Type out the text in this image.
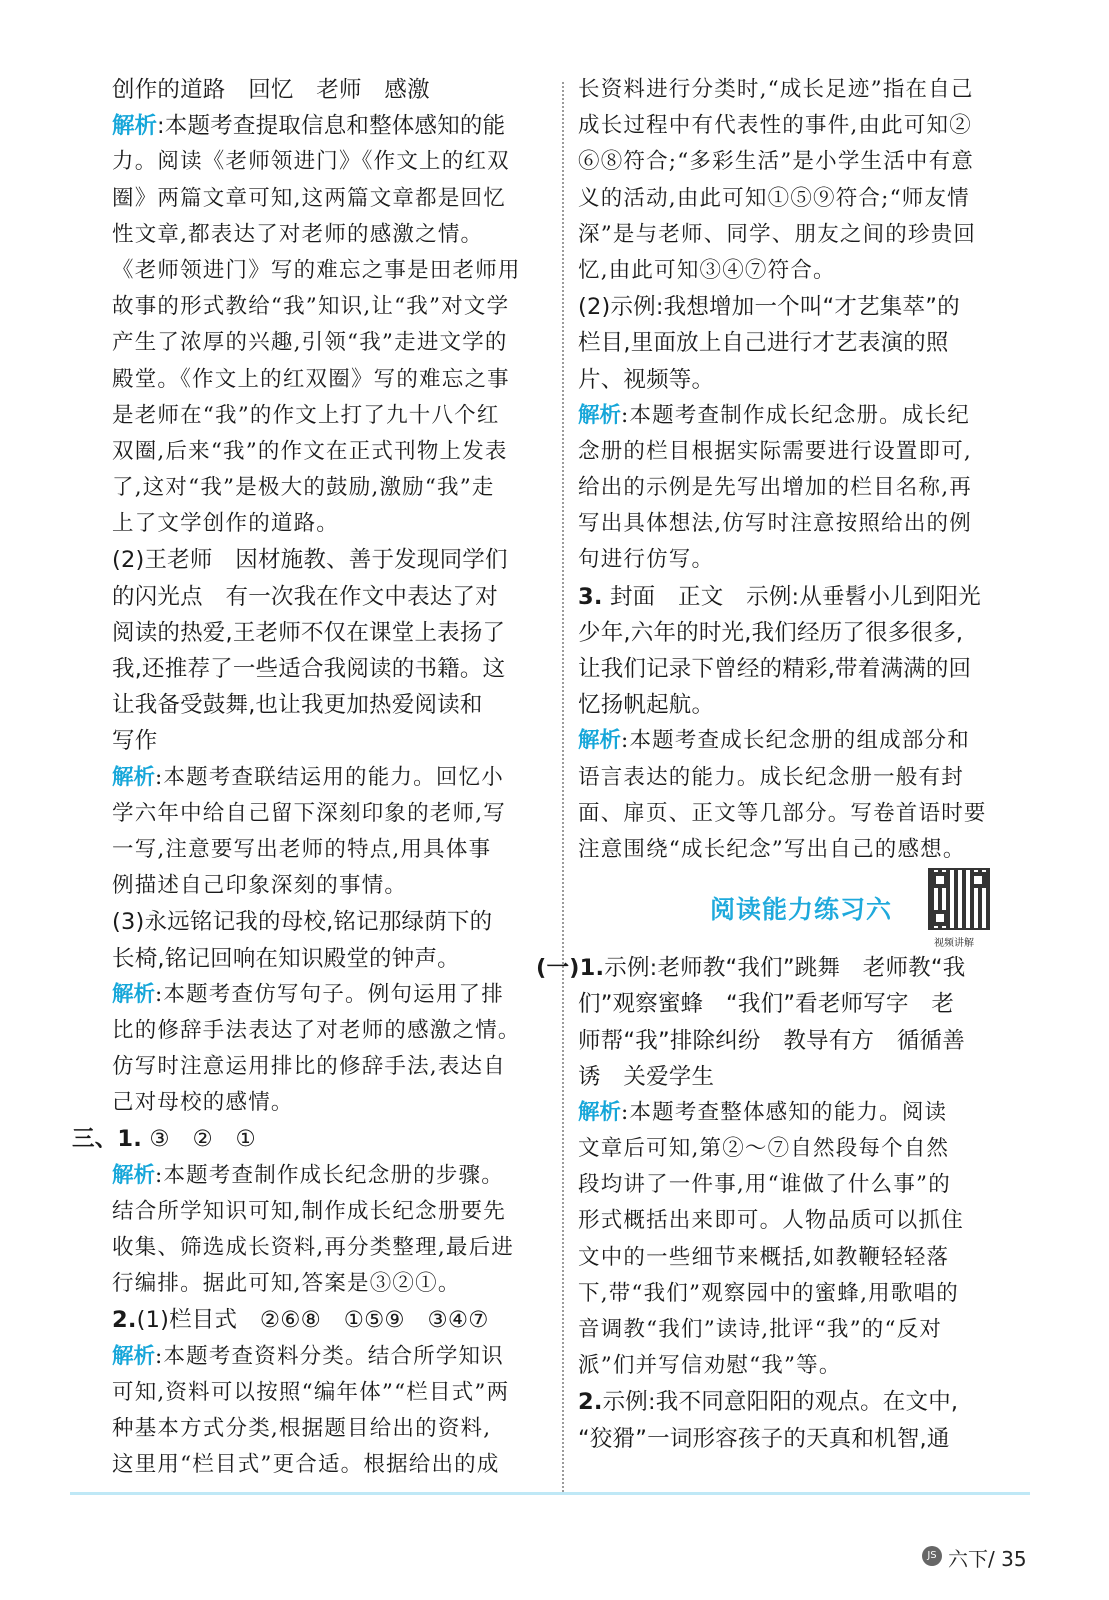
创作的道路　回忆　老师　感激
解析:本题考查提取信息和整体感知的能
力。阅读《老师领进门》《作文上的红双
圈》两篇文章可知,这两篇文章都是回忆
性文章,都表达了对老师的感激之情。
《老师领进门》写的难忘之事是田老师用
故事的形式教给“我”知识,让“我”对文学
产生了浓厚的兴趣,引领“我”走进文学的
殿堂。《作文上的红双圈》写的难忘之事
是老师在“我”的作文上打了九十八个红
双圈,后来“我”的作文在正式刊物上发表
了,这对“我”是极大的鼓励,激励“我”走
上了文学创作的道路。
(2)王老师　因材施教、善于发现同学们
的闪光点　有一次我在作文中表达了对
阅读的热爱,王老师不仅在课堂上表扬了
我,还推荐了一些适合我阅读的书籍。这
让我备受鼓舞,也让我更加热爱阅读和
写作
解析:本题考查联结运用的能力。回忆小
学六年中给自己留下深刻印象的老师,写
一写,注意要写出老师的特点,用具体事
例描述自己印象深刻的事情。
(3)永远铭记我的母校,铭记那绿荫下的
长椅,铭记回响在知识殿堂的钟声。
解析:本题考查仿写句子。例句运用了排
比的修辞手法表达了对老师的感激之情。
仿写时注意运用排比的修辞手法,表达自
己对母校的感情。
三、1. ③　②　①
解析:本题考查制作成长纪念册的步骤。
结合所学知识可知,制作成长纪念册要先
收集、筛选成长资料,再分类整理,最后进
行编排。据此可知,答案是③②①。
2.(1)栏目式　②⑥⑧　①⑤⑨　③④⑦
解析:本题考查资料分类。结合所学知识
可知,资料可以按照“编年体”“栏目式”两
种基本方式分类,根据题目给出的资料,
这里用“栏目式”更合适。根据给出的成
长资料进行分类时,“成长足迹”指在自己
成长过程中有代表性的事件,由此可知②
⑥⑧符合;“多彩生活”是小学生活中有意
义的活动,由此可知①⑤⑨符合;“师友情
深”是与老师、同学、朋友之间的珍贵回
忆,由此可知③④⑦符合。
(2)示例:我想增加一个叫“才艺集萃”的
栏目,里面放上自己进行才艺表演的照
片、视频等。
解析:本题考查制作成长纪念册。成长纪
念册的栏目根据实际需要进行设置即可,
给出的示例是先写出增加的栏目名称,再
写出具体想法,仿写时注意按照给出的例
句进行仿写。
3. 封面　正文　示例:从垂髫小儿到阳光
少年,六年的时光,我们经历了很多很多,
让我们记录下曾经的精彩,带着满满的回
忆扬帆起航。
解析:本题考查成长纪念册的组成部分和
语言表达的能力。成长纪念册一般有封
面、扉页、正文等几部分。写卷首语时要
注意围绕“成长纪念”写出自己的感想。
阅读能力练习六
视频讲解
(一)1.示例:老师教“我们”跳舞　老师教“我
们”观察蜜蜂　“我们”看老师写字　老
师帮“我”排除纠纷　教导有方　循循善
诱　关爱学生
解析:本题考查整体感知的能力。阅读
文章后可知,第②～⑦自然段每个自然
段均讲了一件事,用“谁做了什么事”的
形式概括出来即可。人物品质可以抓住
文中的一些细节来概括,如教鞭轻轻落
下,带“我们”观察园中的蜜蜂,用歌唱的
音调教“我们”读诗,批评“我”的“反对
派”们并写信劝慰“我”等。
2.示例:我不同意阳阳的观点。在文中,
“狡猾”一词形容孩子的天真和机智,通
JS 六下/ 35
